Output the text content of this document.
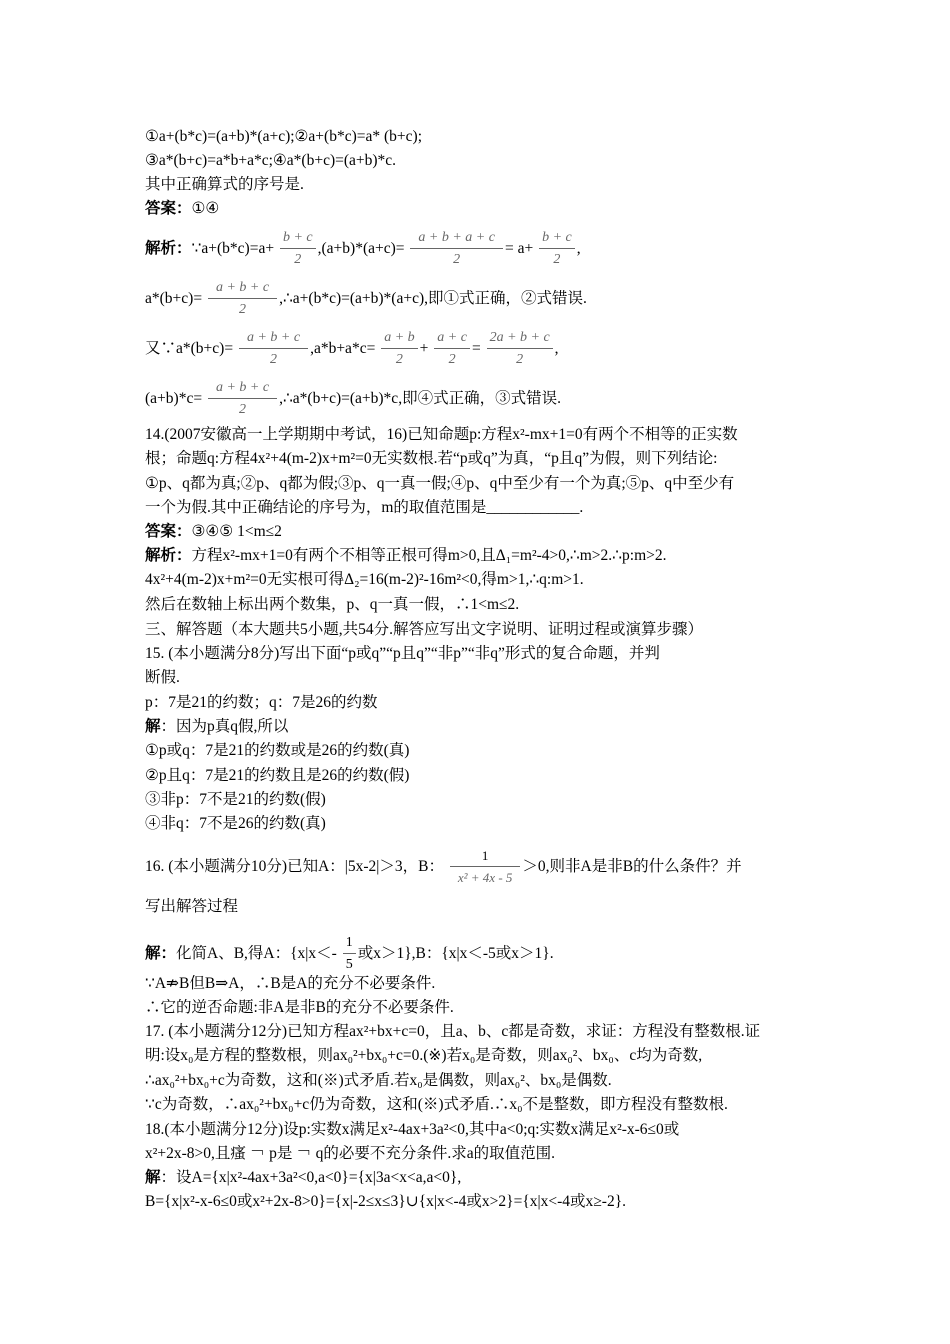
①a+(b*c)=(a+b)*(a+c);②a+(b*c)=a* (b+c);
③a*(b+c)=a*b+a*c;④a*(b+c)=(a+b)*c.
其中正确算式的序号是.
答案：①④
解析：∵a+(b*c)=a+ $\frac{b + c}{2} ,(a+b)*(a+c)= \frac{a + b + a + c}{2} = a+ \frac{b + c}{2}$ ,
$a*(b+c)= \frac{a + b + c}{2}$ ,∴a+(b*c)=(a+b)*(a+c),即①式正确，②式错误.
又∵a*(b+c)= $\frac{a + b + c}{2} ,a*b+a*c= \frac{a + b}{2} + \frac{a + c}{2} = \frac{2a + b + c}{2}$ ,
$(a+b)*c= \frac{a + b + c}{2}$ ,∴a*(b+c)=(a+b)*c,即④式正确，③式错误.
14.(2007安徽高一上学期期中考试，16)已知命题p:方程x²-mx+1=0有两个不相等的正实数
根；命题q:方程4x²+4(m-2)x+m²=0无实数根.若“p或q”为真，“p且q”为假，则下列结论:
①p、q都为真;②p、q都为假;③p、q一真一假;④p、q中至少有一个为真;⑤p、q中至少有
一个为假.其中正确结论的序号为，m的取值范围是____________.
答案：③④⑤ 1<m≤2
解析：方程x²-mx+1=0有两个不相等正根可得m>0,且Δ₁=m²-4>0,∴m>2.∴p:m>2.
4x²+4(m-2)x+m²=0无实根可得Δ₂=16(m-2)²-16m²<0,得m>1,∴q:m>1.
然后在数轴上标出两个数集，p、q一真一假，∴1<m≤2.
三、解答题（本大题共5小题,共54分.解答应写出文字说明、证明过程或演算步骤）
15. (本小题满分8分)写出下面“p或q”“p且q”“非p”“非q”形式的复合命题，并判
断假.
p：7是21的约数；q：7是26的约数
解：因为p真q假,所以
①p或q：7是21的约数或是26的约数(真)
②p且q：7是21的约数且是26的约数(假)
③非p：7不是21的约数(假)
④非q：7不是26的约数(真)
16. (本小题满分10分)已知A：|5x-2|＞3，B： $\frac{1}{\text{x² + 4x - 5}} >0$,则非A是非B的什么条件？并
写出解答过程
解：化简A、B,得A：{$x|x<- \frac{1}{5}$ 或x＞1},B：{x|x＜-5或x＞1}.
∵A⇏B但B⇒A，∴B是A的充分不必要条件.
∴它的逆否命题:非A是非B的充分不必要条件.
17. (本小题满分12分)已知方程ax²+bx+c=0，且a、b、c都是奇数，求证：方程没有整数根.证
明:设x₀是方程的整数根，则ax₀²+bx₀+c=0.(※)若x₀是奇数，则ax₀²、bx₀、c均为奇数,
∴ax₀²+bx₀+c为奇数，这和(※)式矛盾.若x₀是偶数，则ax₀²、bx₀是偶数.
∵c为奇数，∴ax₀²+bx₀+c仍为奇数，这和(※)式矛盾.∴x₀不是整数，即方程没有整数根.
18.(本小题满分12分)设p:实数x满足x²-4ax+3a²<0,其中a<0;q:实数x满足x²-x-6≤0或
x²+2x-8>0,且瘙 ￢ p是 ￢ q的必要不充分条件.求a的取值范围.
解：设A={x|x²-4ax+3a²<0,a<0}={x|3a<x<a,a<0},
B={x|x²-x-6≤0或x²+2x-8>0}={x|-2≤x≤3}∪{x|x<-4或x>2}={x|x<-4或x≥-2}.
